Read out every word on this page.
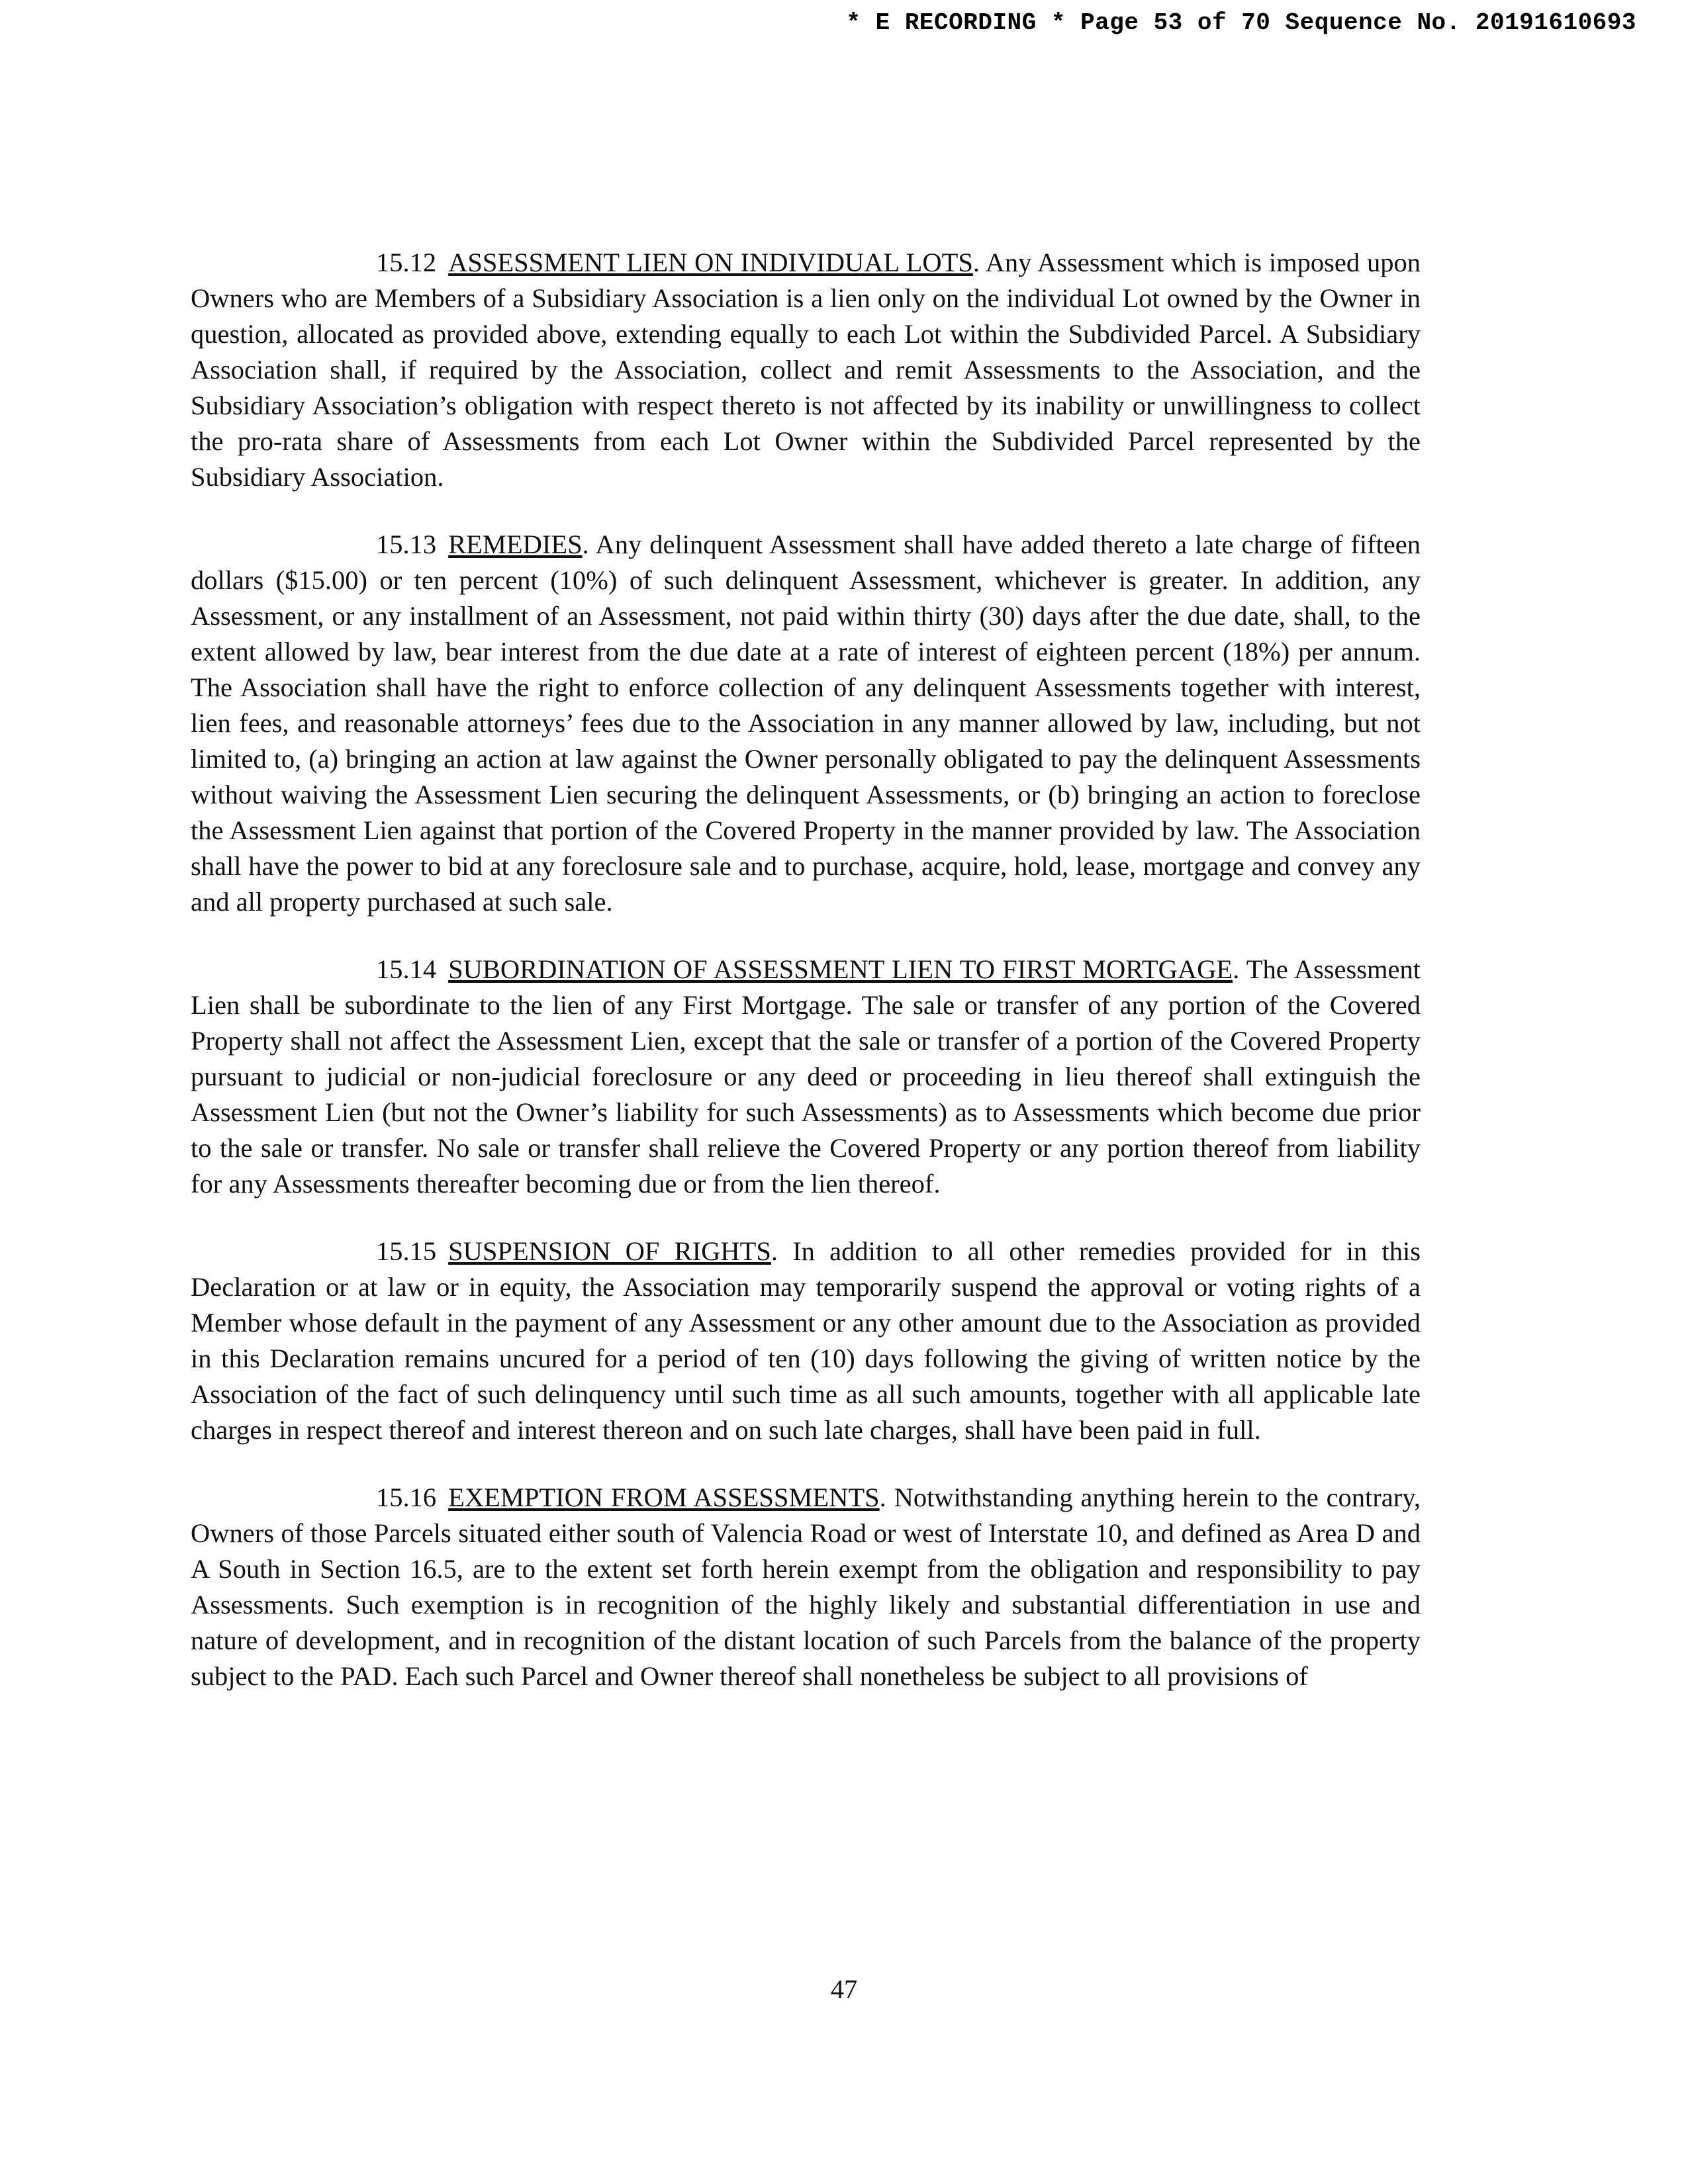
* E RECORDING * Page 53 of 70 Sequence No. 20191610693

15.12 ASSESSMENT LIEN ON INDIVIDUAL LOTS. Any Assessment which is imposed upon Owners who are Members of a Subsidiary Association is a lien only on the individual Lot owned by the Owner in question, allocated as provided above, extending equally to each Lot within the Subdivided Parcel. A Subsidiary Association shall, if required by the Association, collect and remit Assessments to the Association, and the Subsidiary Association’s obligation with respect thereto is not affected by its inability or unwillingness to collect the pro-rata share of Assessments from each Lot Owner within the Subdivided Parcel represented by the Subsidiary Association.

15.13 REMEDIES. Any delinquent Assessment shall have added thereto a late charge of fifteen dollars ($15.00) or ten percent (10%) of such delinquent Assessment, whichever is greater. In addition, any Assessment, or any installment of an Assessment, not paid within thirty (30) days after the due date, shall, to the extent allowed by law, bear interest from the due date at a rate of interest of eighteen percent (18%) per annum. The Association shall have the right to enforce collection of any delinquent Assessments together with interest, lien fees, and reasonable attorneys’ fees due to the Association in any manner allowed by law, including, but not limited to, (a) bringing an action at law against the Owner personally obligated to pay the delinquent Assessments without waiving the Assessment Lien securing the delinquent Assessments, or (b) bringing an action to foreclose the Assessment Lien against that portion of the Covered Property in the manner provided by law. The Association shall have the power to bid at any foreclosure sale and to purchase, acquire, hold, lease, mortgage and convey any and all property purchased at such sale.

15.14 SUBORDINATION OF ASSESSMENT LIEN TO FIRST MORTGAGE. The Assessment Lien shall be subordinate to the lien of any First Mortgage. The sale or transfer of any portion of the Covered Property shall not affect the Assessment Lien, except that the sale or transfer of a portion of the Covered Property pursuant to judicial or non-judicial foreclosure or any deed or proceeding in lieu thereof shall extinguish the Assessment Lien (but not the Owner’s liability for such Assessments) as to Assessments which become due prior to the sale or transfer. No sale or transfer shall relieve the Covered Property or any portion thereof from liability for any Assessments thereafter becoming due or from the lien thereof.

15.15 SUSPENSION OF RIGHTS. In addition to all other remedies provided for in this Declaration or at law or in equity, the Association may temporarily suspend the approval or voting rights of a Member whose default in the payment of any Assessment or any other amount due to the Association as provided in this Declaration remains uncured for a period of ten (10) days following the giving of written notice by the Association of the fact of such delinquency until such time as all such amounts, together with all applicable late charges in respect thereof and interest thereon and on such late charges, shall have been paid in full.

15.16 EXEMPTION FROM ASSESSMENTS. Notwithstanding anything herein to the contrary, Owners of those Parcels situated either south of Valencia Road or west of Interstate 10, and defined as Area D and A South in Section 16.5, are to the extent set forth herein exempt from the obligation and responsibility to pay Assessments. Such exemption is in recognition of the highly likely and substantial differentiation in use and nature of development, and in recognition of the distant location of such Parcels from the balance of the property subject to the PAD. Each such Parcel and Owner thereof shall nonetheless be subject to all provisions of

47
